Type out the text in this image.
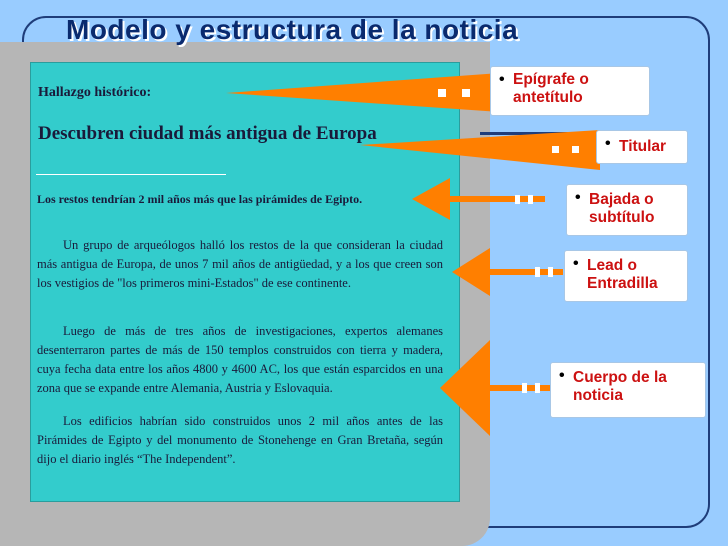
Modelo y estructura de la noticia
Hallazgo histórico:
Descubren ciudad más antigua de Europa
Los restos tendrían 2 mil años más que las pirámides de Egipto.
Un grupo de arqueólogos halló los restos de la que consideran la ciudad más antigua de Europa, de unos 7 mil años de antigüedad, y a los que creen son los vestigios de "los primeros mini-Estados" de ese continente.
Luego de más de tres años de investigaciones, expertos alemanes desenterraron partes de más de 150 templos construidos con tierra y madera, cuya fecha data entre los años 4800 y 4600 AC, los que están esparcidos en una zona que se expande entre Alemania, Austria y Eslovaquia.
Los edificios habrían sido construidos unos 2 mil años antes de las Pirámides de Egipto y del monumento de Stonehenge en Gran Bretaña, según dijo el diario inglés “The Independent”.
• Epígrafe o antetítulo
• Titular
• Bajada o subtítulo
• Lead o Entradilla
• Cuerpo de la noticia
